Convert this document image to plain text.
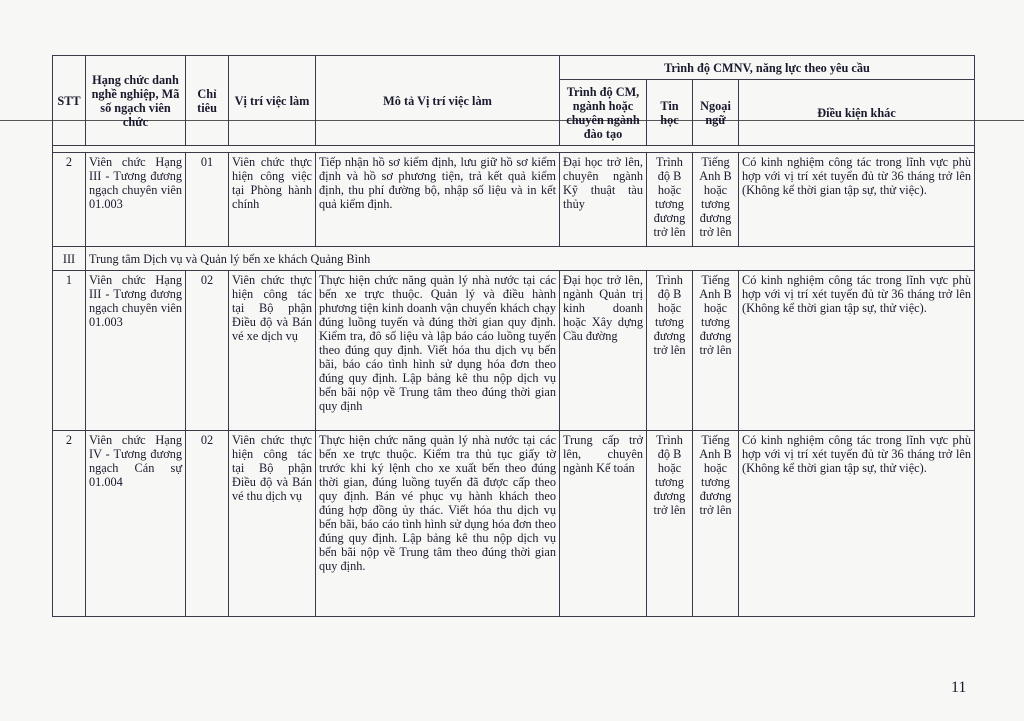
STT	Hạng chức danh nghề nghiệp, Mã số ngạch viên chức	Chỉ tiêu	Vị trí việc làm	Mô tả Vị trí việc làm	Trình độ CMNV, năng lực theo yêu cầu			
					Trình độ CM, ngành hoặc chuyên ngành đào tạo	Tin học	Ngoại ngữ	Điều kiện khác

2	Viên chức Hạng III - Tương đương ngạch chuyên viên 01.003	01	Viên chức thực hiện công việc tại Phòng hành chính	Tiếp nhận hồ sơ kiểm định, lưu giữ hồ sơ kiểm định và hồ sơ phương tiện, trả kết quả kiểm định, thu phí đường bộ, nhập số liệu và in kết quả kiểm định.	Đại học trở lên, chuyên ngành Kỹ thuật tàu thủy	Trình độ B hoặc tương đương trở lên	Tiếng Anh B hoặc tương đương trở lên	Có kinh nghiệm công tác trong lĩnh vực phù hợp với vị trí xét tuyển đủ từ 36 tháng trở lên (Không kể thời gian tập sự, thử việc).
III	Trung tâm Dịch vụ và Quản lý bến xe khách Quảng Bình							
1	Viên chức Hạng III - Tương đương ngạch chuyên viên 01.003	02	Viên chức thực hiện công tác tại Bộ phận Điều độ và Bán vé xe dịch vụ	Thực hiện chức năng quản lý nhà nước tại các bến xe trực thuộc. Quản lý và điều hành phương tiện kinh doanh vận chuyển khách chạy đúng luồng tuyến và đúng thời gian quy định. Kiểm tra, đô số liệu và lập báo cáo luồng tuyến theo đúng quy định. Viết hóa thu dịch vụ bến bãi, báo cáo tình hình sử dụng hóa đơn theo đúng quy định. Lập bảng kê thu nộp dịch vụ bến bãi nộp về Trung tâm theo đúng thời gian quy định	Đại học trở lên, ngành Quản trị kinh doanh hoặc Xây dựng Cầu đường	Trình độ B hoặc tương đương trở lên	Tiếng Anh B hoặc tương đương trở lên	Có kinh nghiệm công tác trong lĩnh vực phù hợp với vị trí xét tuyển đủ từ 36 tháng trở lên (Không kể thời gian tập sự, thử việc).
2	Viên chức Hạng IV - Tương đương ngạch Cán sự 01.004	02	Viên chức thực hiện công tác tại Bộ phận Điều độ và Bán vé thu dịch vụ	Thực hiện chức năng quản lý nhà nước tại các bến xe trực thuộc. Kiểm tra thủ tục giấy tờ trước khi ký lệnh cho xe xuất bến theo đúng thời gian, đúng luồng tuyến đã được cấp theo quy định. Bán vé phục vụ hành khách theo đúng hợp đồng ủy thác. Viết hóa thu dịch vụ bến bãi, báo cáo tình hình sử dụng hóa đơn theo đúng quy định. Lập bảng kê thu nộp dịch vụ bến bãi nộp về Trung tâm theo đúng thời gian quy định.	Trung cấp trở lên, chuyên ngành Kế toán	Trình độ B hoặc tương đương trở lên	Tiếng Anh B hoặc tương đương trở lên	Có kinh nghiệm công tác trong lĩnh vực phù hợp với vị trí xét tuyển đủ từ 36 tháng trở lên (Không kể thời gian tập sự, thử việc).
11
